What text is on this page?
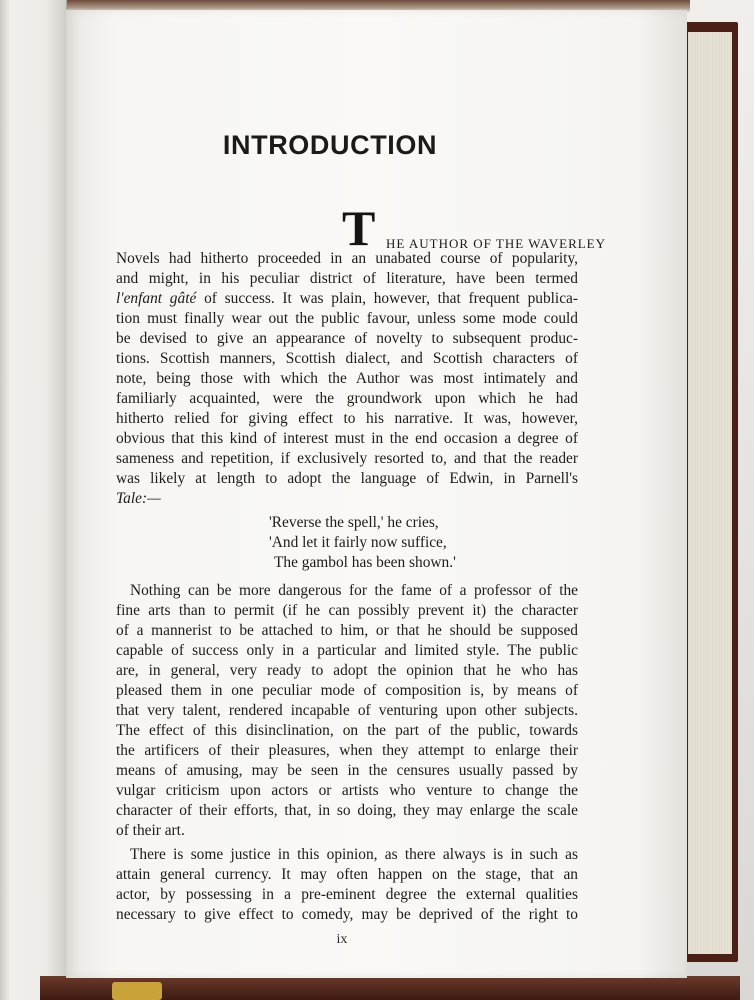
INTRODUCTION
T HE AUTHOR OF THE WAVERLEY

Novels had hitherto proceeded in an unabated course of popularity,

and might, in his peculiar district of literature, have been termed

l'enfant gâté of success. It was plain, however, that frequent publica-

tion must finally wear out the public favour, unless some mode could

be devised to give an appearance of novelty to subsequent produc-

tions. Scottish manners, Scottish dialect, and Scottish characters of

note, being those with which the Author was most intimately and

familiarly acquainted, were the groundwork upon which he had

hitherto relied for giving effect to his narrative. It was, however,

obvious that this kind of interest must in the end occasion a degree of

sameness and repetition, if exclusively resorted to, and that the reader

was likely at length to adopt the language of Edwin, in Parnell's

Tale:—

'Reverse the spell,' he cries,

'And let it fairly now suffice,

The gambol has been shown.'

Nothing can be more dangerous for the fame of a professor of the

fine arts than to permit (if he can possibly prevent it) the character

of a mannerist to be attached to him, or that he should be supposed

capable of success only in a particular and limited style. The public

are, in general, very ready to adopt the opinion that he who has

pleased them in one peculiar mode of composition is, by means of

that very talent, rendered incapable of venturing upon other subjects.

The effect of this disinclination, on the part of the public, towards

the artificers of their pleasures, when they attempt to enlarge their

means of amusing, may be seen in the censures usually passed by

vulgar criticism upon actors or artists who venture to change the

character of their efforts, that, in so doing, they may enlarge the scale

of their art.

There is some justice in this opinion, as there always is in such as

attain general currency. It may often happen on the stage, that an

actor, by possessing in a pre-eminent degree the external qualities

necessary to give effect to comedy, may be deprived of the right to

ix
